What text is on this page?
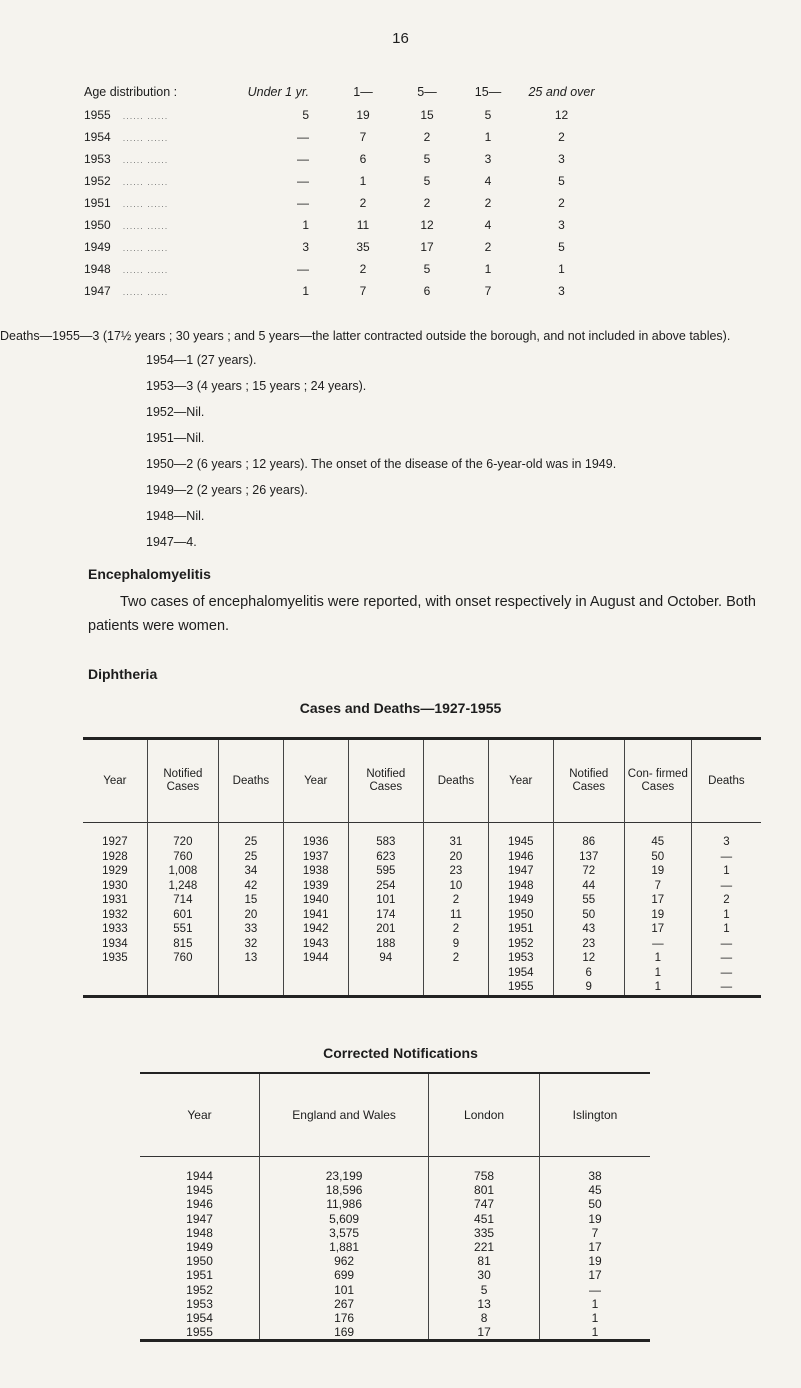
16
Age distribution :	Under 1 yr.	1—	5—	15—	25 and over
1955 ...... ......	5	19	15	5	12
1954 ...... ......	—	7	2	1	2
1953 ...... ......	—	6	5	3	3
1952 ...... ......	—	1	5	4	5
1951 ...... ......	—	2	2	2	2
1950 ...... ......	1	11	12	4	3
1949 ...... ......	3	35	17	2	5
1948 ...... ......	—	2	5	1	1
1947 ...... ......	1	7	6	7	3

Deaths—1955—3 (17½ years ; 30 years ; and 5 years—the latter contracted outside the borough, and not included in above tables).

1954—1 (27 years).

1953—3 (4 years ; 15 years ; 24 years).

1952—Nil.

1951—Nil.

1950—2 (6 years ; 12 years). The onset of the disease of the 6-year-old was in 1949.

1949—2 (2 years ; 26 years).

1948—Nil.

1947—4.

Encephalomyelitis
Two cases of encephalomyelitis were reported, with onset respectively in August and October. Both patients were women.
Diphtheria
Cases and Deaths—1927-1955
Year	Notified Cases	Deaths	Year	Notified Cases	Deaths	Year	Notified Cases	Con- firmed Cases	Deaths

1927	720	25	1936	583	31	1945	86	45	3
1928	760	25	1937	623	20	1946	137	50	—
1929	1,008	34	1938	595	23	1947	72	19	1
1930	1,248	42	1939	254	10	1948	44	7	—
1931	714	15	1940	101	2	1949	55	17	2
1932	601	20	1941	174	11	1950	50	19	1
1933	551	33	1942	201	2	1951	43	17	1
1934	815	32	1943	188	9	1952	23	—	—
1935	760	13	1944	94	2	1953	12	1	—
						1954	6	1	—
						1955	9	1	—
Corrected Notifications
Year	England and Wales	London	Islington

1944	23,199	758	38
1945	18,596	801	45
1946	11,986	747	50
1947	5,609	451	19
1948	3,575	335	7
1949	1,881	221	17
1950	962	81	19
1951	699	30	17
1952	101	5	—
1953	267	13	1
1954	176	8	1
1955	169	17	1
